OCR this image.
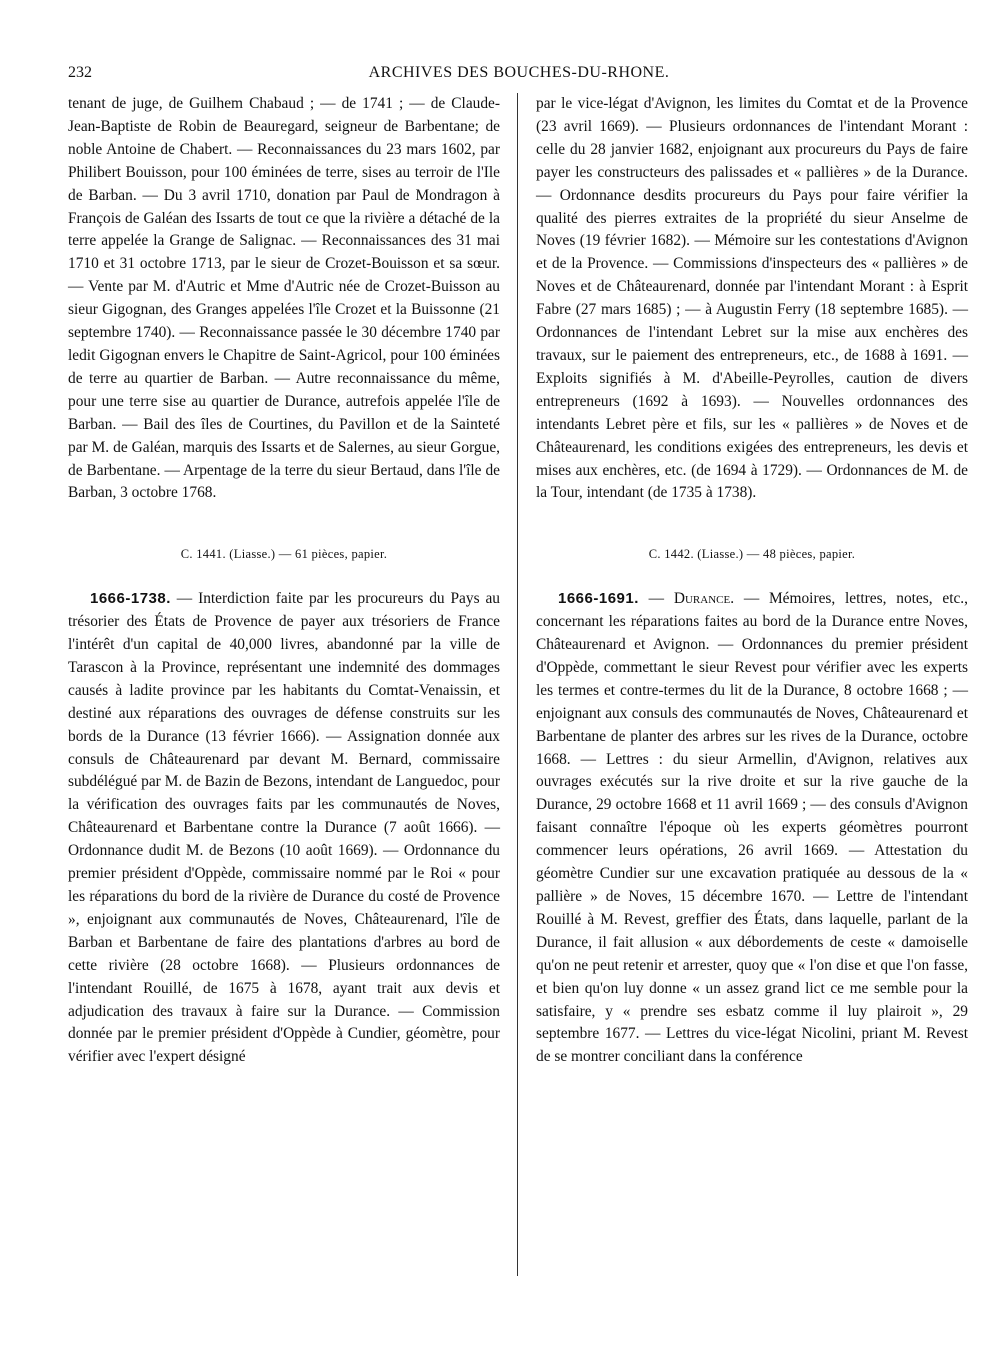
232	ARCHIVES DES BOUCHES-DU-RHONE.

tenant de juge, de Guilhem Chabaud ; — de 1741 ; — de Claude-Jean-Baptiste de Robin de Beauregard, seigneur de Barbentane; de noble Antoine de Chabert. — Reconnaissances du 23 mars 1602, par Philibert Bouisson, pour 100 éminées de terre, sises au terroir de l'Ile de Barban. — Du 3 avril 1710, donation par Paul de Mondragon à François de Galéan des Issarts de tout ce que la rivière a détaché de la terre appelée la Grange de Salignac. — Reconnaissances des 31 mai 1710 et 31 octobre 1713, par le sieur de Crozet-Bouisson et sa sœur. — Vente par M. d'Autric et Mme d'Autric née de Crozet-Buisson au sieur Gigognan, des Granges appelées l'île Crozet et la Buissonne (21 septembre 1740). — Reconnaissance passée le 30 décembre 1740 par ledit Gigognan envers le Chapitre de Saint-Agricol, pour 100 éminées de terre au quartier de Barban. — Autre reconnaissance du même, pour une terre sise au quartier de Durance, autrefois appelée l'île de Barban. — Bail des îles de Courtines, du Pavillon et de la Sainteté par M. de Galéan, marquis des Issarts et de Salernes, au sieur Gorgue, de Barbentane. — Arpentage de la terre du sieur Bertaud, dans l'île de Barban, 3 octobre 1768.

C. 1441. (Liasse.) — 61 pièces, papier.

1666-1738. — Interdiction faite par les procureurs du Pays au trésorier des États de Provence de payer aux trésoriers de France l'intérêt d'un capital de 40,000 livres, abandonné par la ville de Tarascon à la Province, représentant une indemnité des dommages causés à ladite province par les habitants du Comtat-Venaissin, et destiné aux réparations des ouvrages de défense construits sur les bords de la Durance (13 février 1666). — Assignation donnée aux consuls de Châteaurenard par devant M. Bernard, commissaire subdélégué par M. de Bazin de Bezons, intendant de Languedoc, pour la vérification des ouvrages faits par les communautés de Noves, Châteaurenard et Barbentane contre la Durance (7 août 1666). — Ordonnance dudit M. de Bezons (10 août 1669). — Ordonnance du premier président d'Oppède, commissaire nommé par le Roi « pour les réparations du bord de la rivière de Durance du costé de Provence », enjoignant aux communautés de Noves, Châteaurenard, l'île de Barban et Barbentane de faire des plantations d'arbres au bord de cette rivière (28 octobre 1668). — Plusieurs ordonnances de l'intendant Rouillé, de 1675 à 1678, ayant trait aux devis et adjudication des travaux à faire sur la Durance. — Commission donnée par le premier président d'Oppède à Cundier, géomètre, pour vérifier avec l'expert désigné

par le vice-légat d'Avignon, les limites du Comtat et de la Provence (23 avril 1669). — Plusieurs ordonnances de l'intendant Morant : celle du 28 janvier 1682, enjoignant aux procureurs du Pays de faire payer les constructeurs des palissades et « pallières » de la Durance. — Ordonnance desdits procureurs du Pays pour faire vérifier la qualité des pierres extraites de la propriété du sieur Anselme de Noves (19 février 1682). — Mémoire sur les contestations d'Avignon et de la Provence. — Commissions d'inspecteurs des « pallières » de Noves et de Châteaurenard, donnée par l'intendant Morant : à Esprit Fabre (27 mars 1685) ; — à Augustin Ferry (18 septembre 1685). — Ordonnances de l'intendant Lebret sur la mise aux enchères des travaux, sur le paiement des entrepreneurs, etc., de 1688 à 1691. — Exploits signifiés à M. d'Abeille-Peyrolles, caution de divers entrepreneurs (1692 à 1693). — Nouvelles ordonnances des intendants Lebret père et fils, sur les « pallières » de Noves et de Châteaurenard, les conditions exigées des entrepreneurs, les devis et mises aux enchères, etc. (de 1694 à 1729). — Ordonnances de M. de la Tour, intendant (de 1735 à 1738).

C. 1442. (Liasse.) — 48 pièces, papier.

1666-1691. — Durance. — Mémoires, lettres, notes, etc., concernant les réparations faites au bord de la Durance entre Noves, Châteaurenard et Avignon. — Ordonnances du premier président d'Oppède, commettant le sieur Revest pour vérifier avec les experts les termes et contre-termes du lit de la Durance, 8 octobre 1668 ; — enjoignant aux consuls des communautés de Noves, Châteaurenard et Barbentane de planter des arbres sur les rives de la Durance, octobre 1668. — Lettres : du sieur Armellin, d'Avignon, relatives aux ouvrages exécutés sur la rive droite et sur la rive gauche de la Durance, 29 octobre 1668 et 11 avril 1669 ; — des consuls d'Avignon faisant connaître l'époque où les experts géomètres pourront commencer leurs opérations, 26 avril 1669. — Attestation du géomètre Cundier sur une excavation pratiquée au dessous de la « pallière » de Noves, 15 décembre 1670. — Lettre de l'intendant Rouillé à M. Revest, greffier des États, dans laquelle, parlant de la Durance, il fait allusion « aux débordements de ceste « damoiselle qu'on ne peut retenir et arrester, quoy que « l'on dise et que l'on fasse, et bien qu'on luy donne « un assez grand lict ce me semble pour la satisfaire, y « prendre ses esbatz comme il luy plairoit », 29 septembre 1677. — Lettres du vice-légat Nicolini, priant M. Revest de se montrer conciliant dans la conférence
